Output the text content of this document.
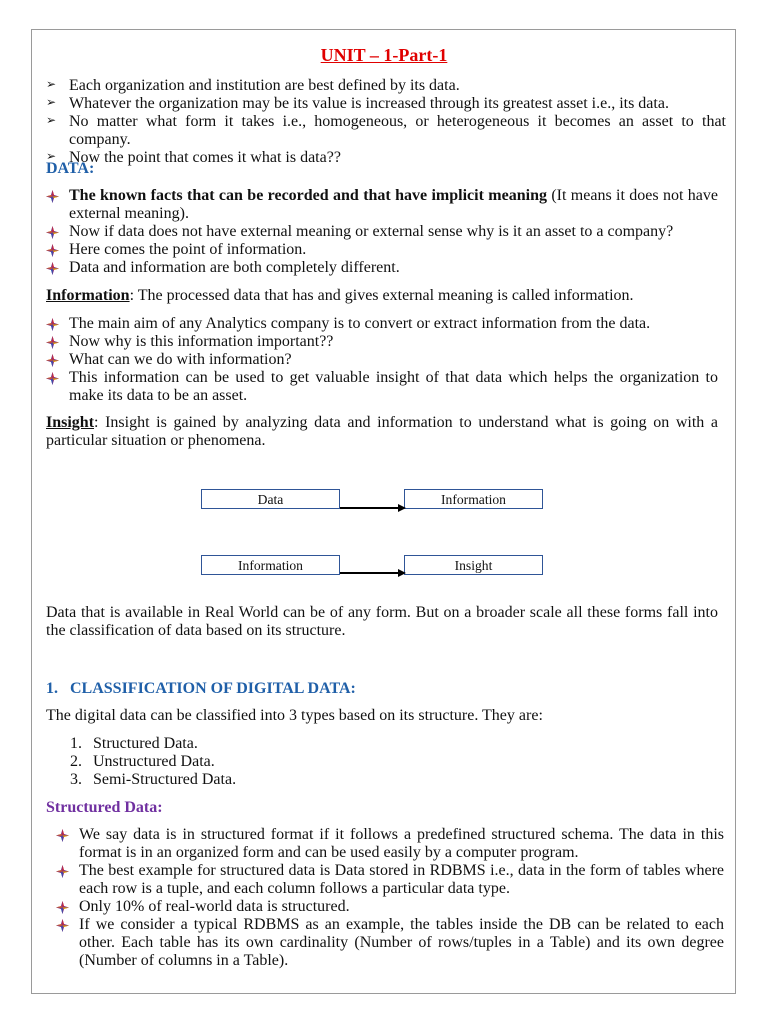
UNIT – 1-Part-1
➢ Each organization and institution are best defined by its data.
➢ Whatever the organization may be its value is increased through its greatest asset i.e., its data.
➢ No matter what form it takes i.e., homogeneous, or heterogeneous it becomes an asset to that company.
➢ Now the point that comes it what is data??
DATA:
The known facts that can be recorded and that have implicit meaning (It means it does not have external meaning).
Now if data does not have external meaning or external sense why is it an asset to a company?
Here comes the point of information.
Data and information are both completely different.
Information: The processed data that has and gives external meaning is called information.
The main aim of any Analytics company is to convert or extract information from the data.
Now why is this information important??
What can we do with information?
This information can be used to get valuable insight of that data which helps the organization to make its data to be an asset.
Insight: Insight is gained by analyzing data and information to understand what is going on with a particular situation or phenomena.
Data	Information
Information	Insight
Data that is available in Real World can be of any form. But on a broader scale all these forms fall into the classification of data based on its structure.
1.   CLASSIFICATION OF DIGITAL DATA:
The digital data can be classified into 3 types based on its structure. They are:
1. Structured Data.
2. Unstructured Data.
3. Semi-Structured Data.
Structured Data:
We say data is in structured format if it follows a predefined structured schema. The data in this format is in an organized form and can be used easily by a computer program.
The best example for structured data is Data stored in RDBMS i.e., data in the form of tables where each row is a tuple, and each column follows a particular data type.
Only 10% of real-world data is structured.
If we consider a typical RDBMS as an example, the tables inside the DB can be related to each other. Each table has its own cardinality (Number of rows/tuples in a Table) and its own degree (Number of columns in a Table).
